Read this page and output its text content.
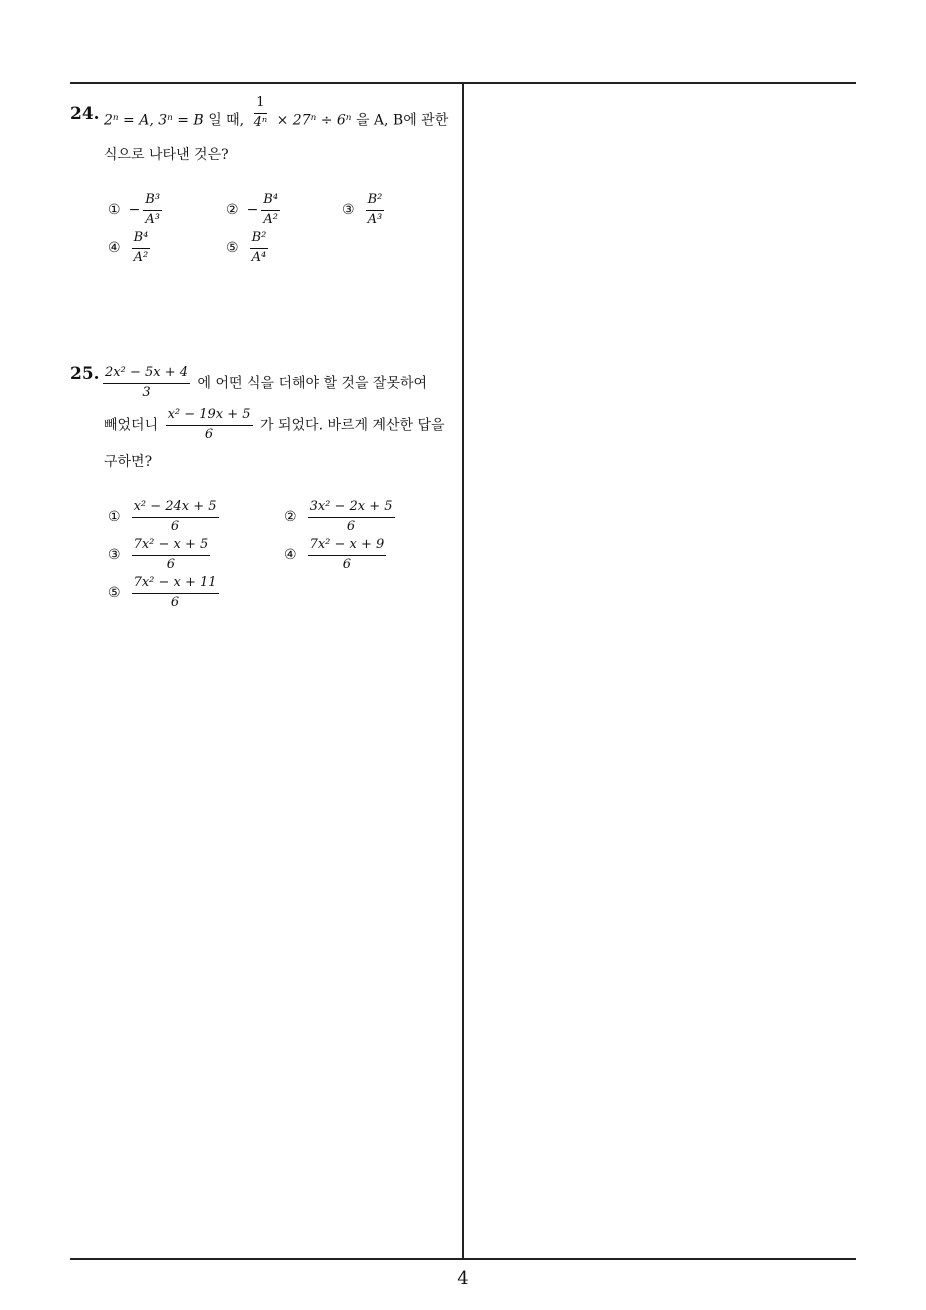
24. 2ⁿ = A, 3ⁿ = B 일 때, $\frac{1}{\text{4ⁿ}} \times 27^n \div 6^n$ 을 A, B에 관한
식으로 나타낸 것은?
① − $\frac{\text{B³}}{\text{A³}}$	② − $\frac{\text{B⁴}}{\text{A²}}$	③ $\frac{\text{B²}}{\text{A³}}$
④ $\frac{\text{B⁴}}{\text{A²}}$	⑤ $\frac{\text{B²}}{\text{A⁴}}$
25. $\frac{\text{2x² − 5x + 4}}{3}$ 에 어떤 식을 더해야 할 것을 잘못하여
빼었더니 $\frac{\text{x² − 19x + 5}}{6}$ 가 되었다. 바르게 계산한 답을
구하면?
① $\frac{\text{x² − 24x + 5}}{6}$	② $\frac{\text{3x² − 2x + 5}}{6}$
③ $\frac{\text{7x² − x + 5}}{6}$	④ $\frac{\text{7x² − x + 9}}{6}$
⑤ $\frac{\text{7x² − x + 11}}{6}$
4
